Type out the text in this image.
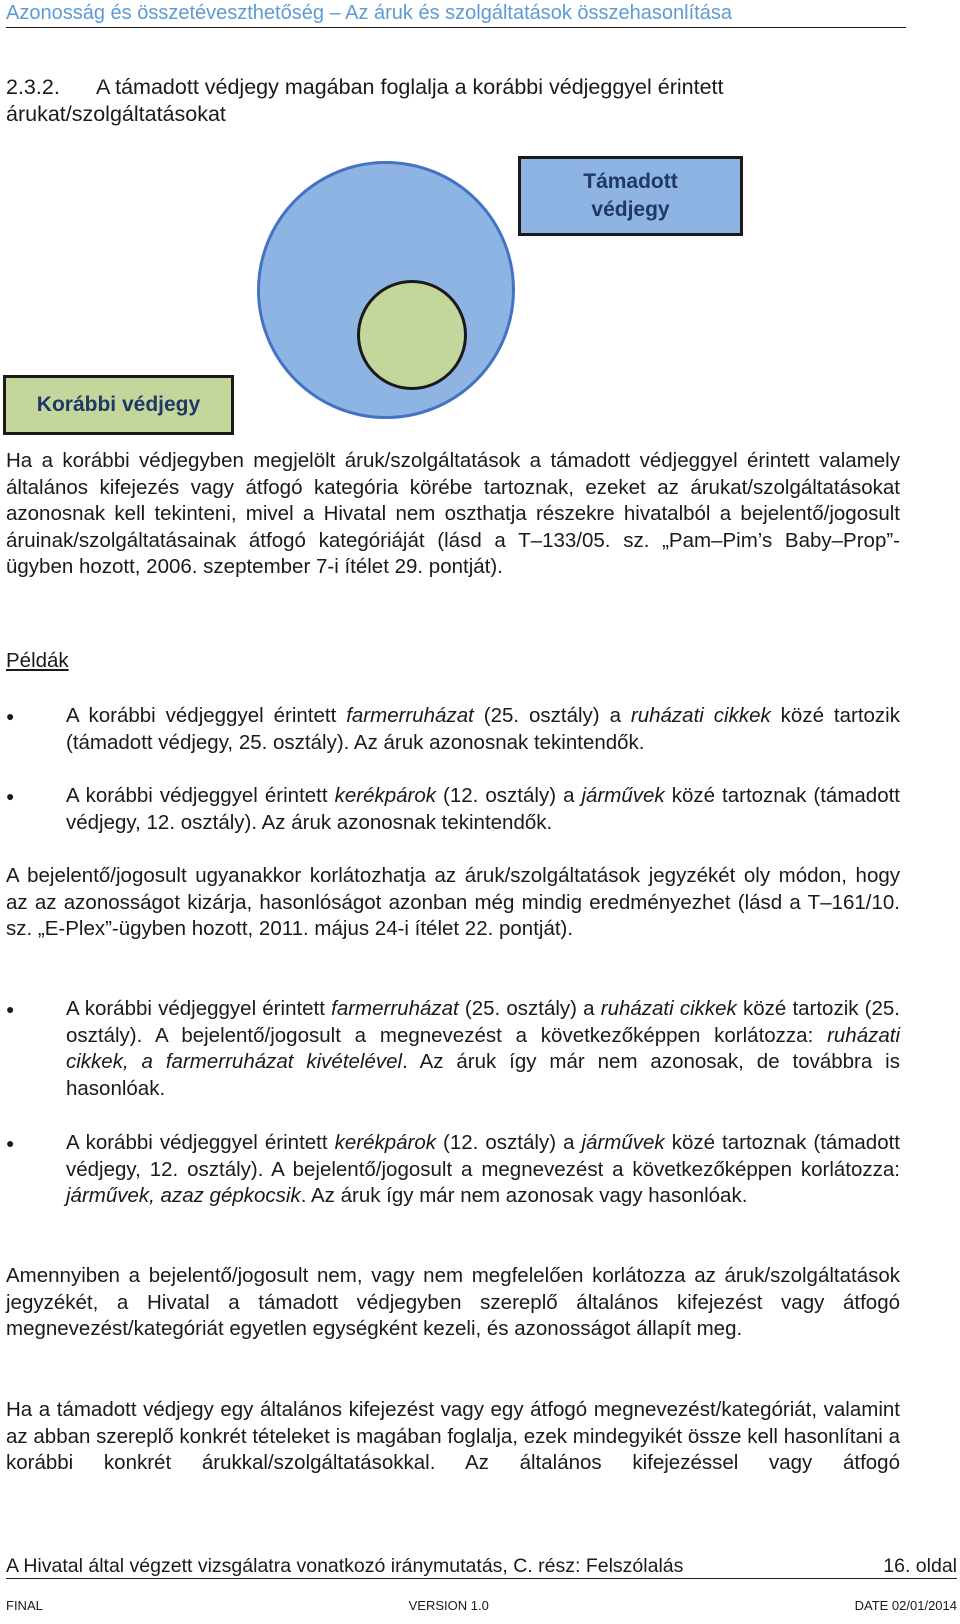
Azonosság és összetéveszthetőség – Az áruk és szolgáltatások összehasonlítása
2.3.2. A támadott védjegy magában foglalja a korábbi védjeggyel érintett árukat/szolgáltatásokat
Támadott
védjegy
Korábbi védjegy
Ha a korábbi védjegyben megjelölt áruk/szolgáltatások a támadott védjeggyel érintett valamely általános kifejezés vagy átfogó kategória körébe tartoznak, ezeket az árukat/szolgáltatásokat azonosnak kell tekinteni, mivel a Hivatal nem oszthatja részekre hivatalból a bejelentő/jogosult áruinak/szolgáltatásainak átfogó kategóriáját (lásd a T–133/05. sz. „Pam–Pim’s Baby–Prop”-ügyben hozott, 2006. szeptember 7-i ítélet 29. pontját).
Példák
●	A korábbi védjeggyel érintett farmerruházat (25. osztály) a ruházati cikkek közé tartozik (támadott védjegy, 25. osztály). Az áruk azonosnak tekintendők.
●	A korábbi védjeggyel érintett kerékpárok (12. osztály) a járművek közé tartoznak (támadott védjegy, 12. osztály). Az áruk azonosnak tekintendők.
A bejelentő/jogosult ugyanakkor korlátozhatja az áruk/szolgáltatások jegyzékét oly módon, hogy az az azonosságot kizárja, hasonlóságot azonban még mindig eredményezhet (lásd a T–161/10. sz. „E-Plex”-ügyben hozott, 2011. május 24-i ítélet 22. pontját).
●	A korábbi védjeggyel érintett farmerruházat (25. osztály) a ruházati cikkek közé tartozik (25. osztály). A bejelentő/jogosult a megnevezést a következőképpen korlátozza: ruházati cikkek, a farmerruházat kivételével. Az áruk így már nem azonosak, de továbbra is hasonlóak.
●	A korábbi védjeggyel érintett kerékpárok (12. osztály) a járművek közé tartoznak (támadott védjegy, 12. osztály). A bejelentő/jogosult a megnevezést a következőképpen korlátozza: járművek, azaz gépkocsik. Az áruk így már nem azonosak vagy hasonlóak.
Amennyiben a bejelentő/jogosult nem, vagy nem megfelelően korlátozza az áruk/szolgáltatások jegyzékét, a Hivatal a támadott védjegyben szereplő általános kifejezést vagy átfogó megnevezést/kategóriát egyetlen egységként kezeli, és azonosságot állapít meg.
Ha a támadott védjegy egy általános kifejezést vagy egy átfogó megnevezést/kategóriát, valamint az abban szereplő konkrét tételeket is magában foglalja, ezek mindegyikét össze kell hasonlítani a korábbi konkrét árukkal/szolgáltatásokkal. Az általános kifejezéssel vagy átfogó
A Hivatal által végzett vizsgálatra vonatkozó iránymutatás, C. rész: Felszólalás	16. oldal
FINAL	VERSION 1.0	DATE 02/01/2014
